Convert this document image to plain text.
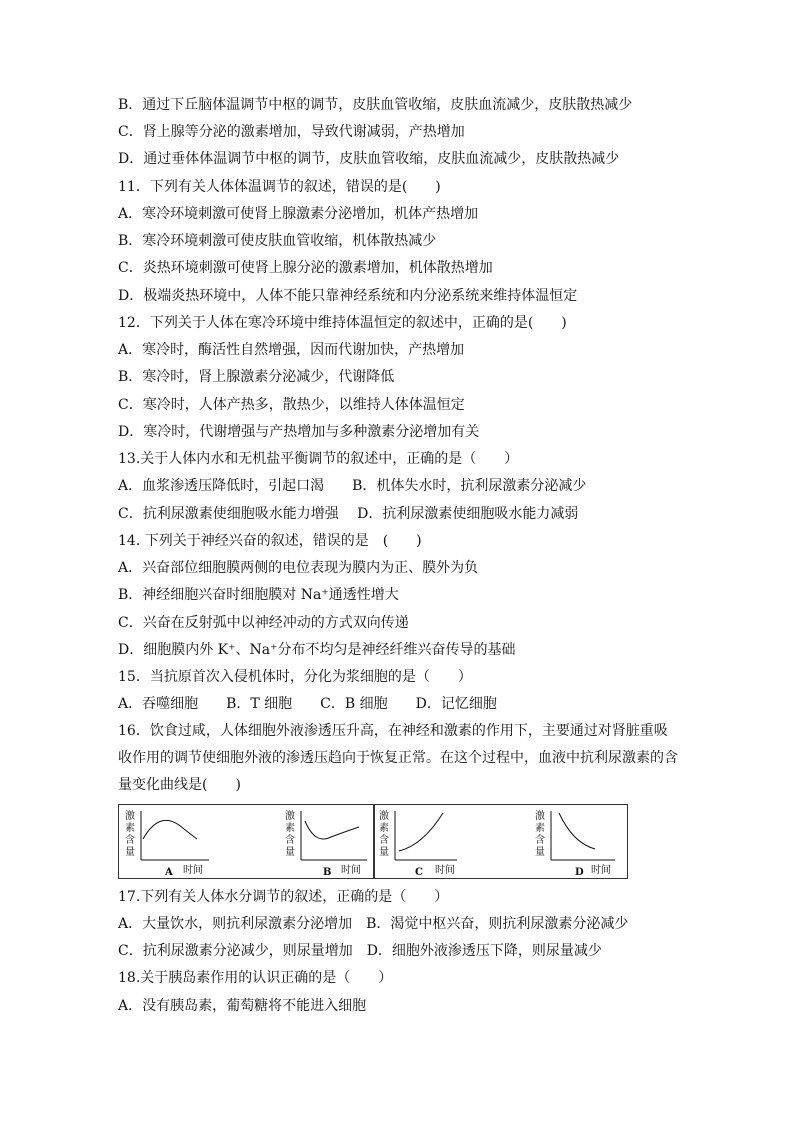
B．通过下丘脑体温调节中枢的调节，皮肤血管收缩，皮肤血流减少，皮肤散热减少
C．肾上腺等分泌的激素增加，导致代谢减弱，产热增加
D．通过垂体体温调节中枢的调节，皮肤血管收缩，皮肤血流减少，皮肤散热减少
11．下列有关人体体温调节的叙述，错误的是(　　)
A．寒冷环境刺激可使肾上腺激素分泌增加，机体产热增加
B．寒冷环境刺激可使皮肤血管收缩，机体散热减少
C．炎热环境刺激可使肾上腺分泌的激素增加，机体散热增加
D．极端炎热环境中，人体不能只靠神经系统和内分泌系统来维持体温恒定
12．下列关于人体在寒冷环境中维持体温恒定的叙述中，正确的是(　　)
A．寒冷时，酶活性自然增强，因而代谢加快，产热增加
B．寒冷时，肾上腺激素分泌减少，代谢降低
C．寒冷时，人体产热多，散热少，以维持人体体温恒定
D．寒冷时，代谢增强与产热增加与多种激素分泌增加有关
13.关于人体内水和无机盐平衡调节的叙述中，正确的是（　　）
A．血浆渗透压降低时，引起口渴　　B．机体失水时，抗利尿激素分泌减少
C．抗利尿激素使细胞吸水能力增强　 D．抗利尿激素使细胞吸水能力减弱
14. 下列关于神经兴奋的叙述，错误的是　(　　)
A．兴奋部位细胞膜两侧的电位表现为膜内为正、膜外为负
B．神经细胞兴奋时细胞膜对 Na⁺通透性增大
C．兴奋在反射弧中以神经冲动的方式双向传递
D．细胞膜内外 K⁺、Na⁺分布不均匀是神经纤维兴奋传导的基础
15．当抗原首次入侵机体时，分化为浆细胞的是（　　）
A．吞噬细胞　　B．T 细胞　　C．B 细胞　　D．记忆细胞
16．饮食过咸，人体细胞外液渗透压升高，在神经和激素的作用下，主要通过对肾脏重吸收作用的调节使细胞外液的渗透压趋向于恢复正常。在这个过程中，血液中抗利尿激素的含量变化曲线是(　　)
激
素
含
量
时间
A
激
素
含
量
时间
B
激
素
含
量
时间
C
激
素
含
量
时间
D
17.下列有关人体水分调节的叙述，正确的是（　　）
A．大量饮水，则抗利尿激素分泌增加　B．渴觉中枢兴奋，则抗利尿激素分泌减少
C．抗利尿激素分泌减少，则尿量增加　D．细胞外液渗透压下降，则尿量减少
18.关于胰岛素作用的认识正确的是（　　）
A．没有胰岛素，葡萄糖将不能进入细胞
